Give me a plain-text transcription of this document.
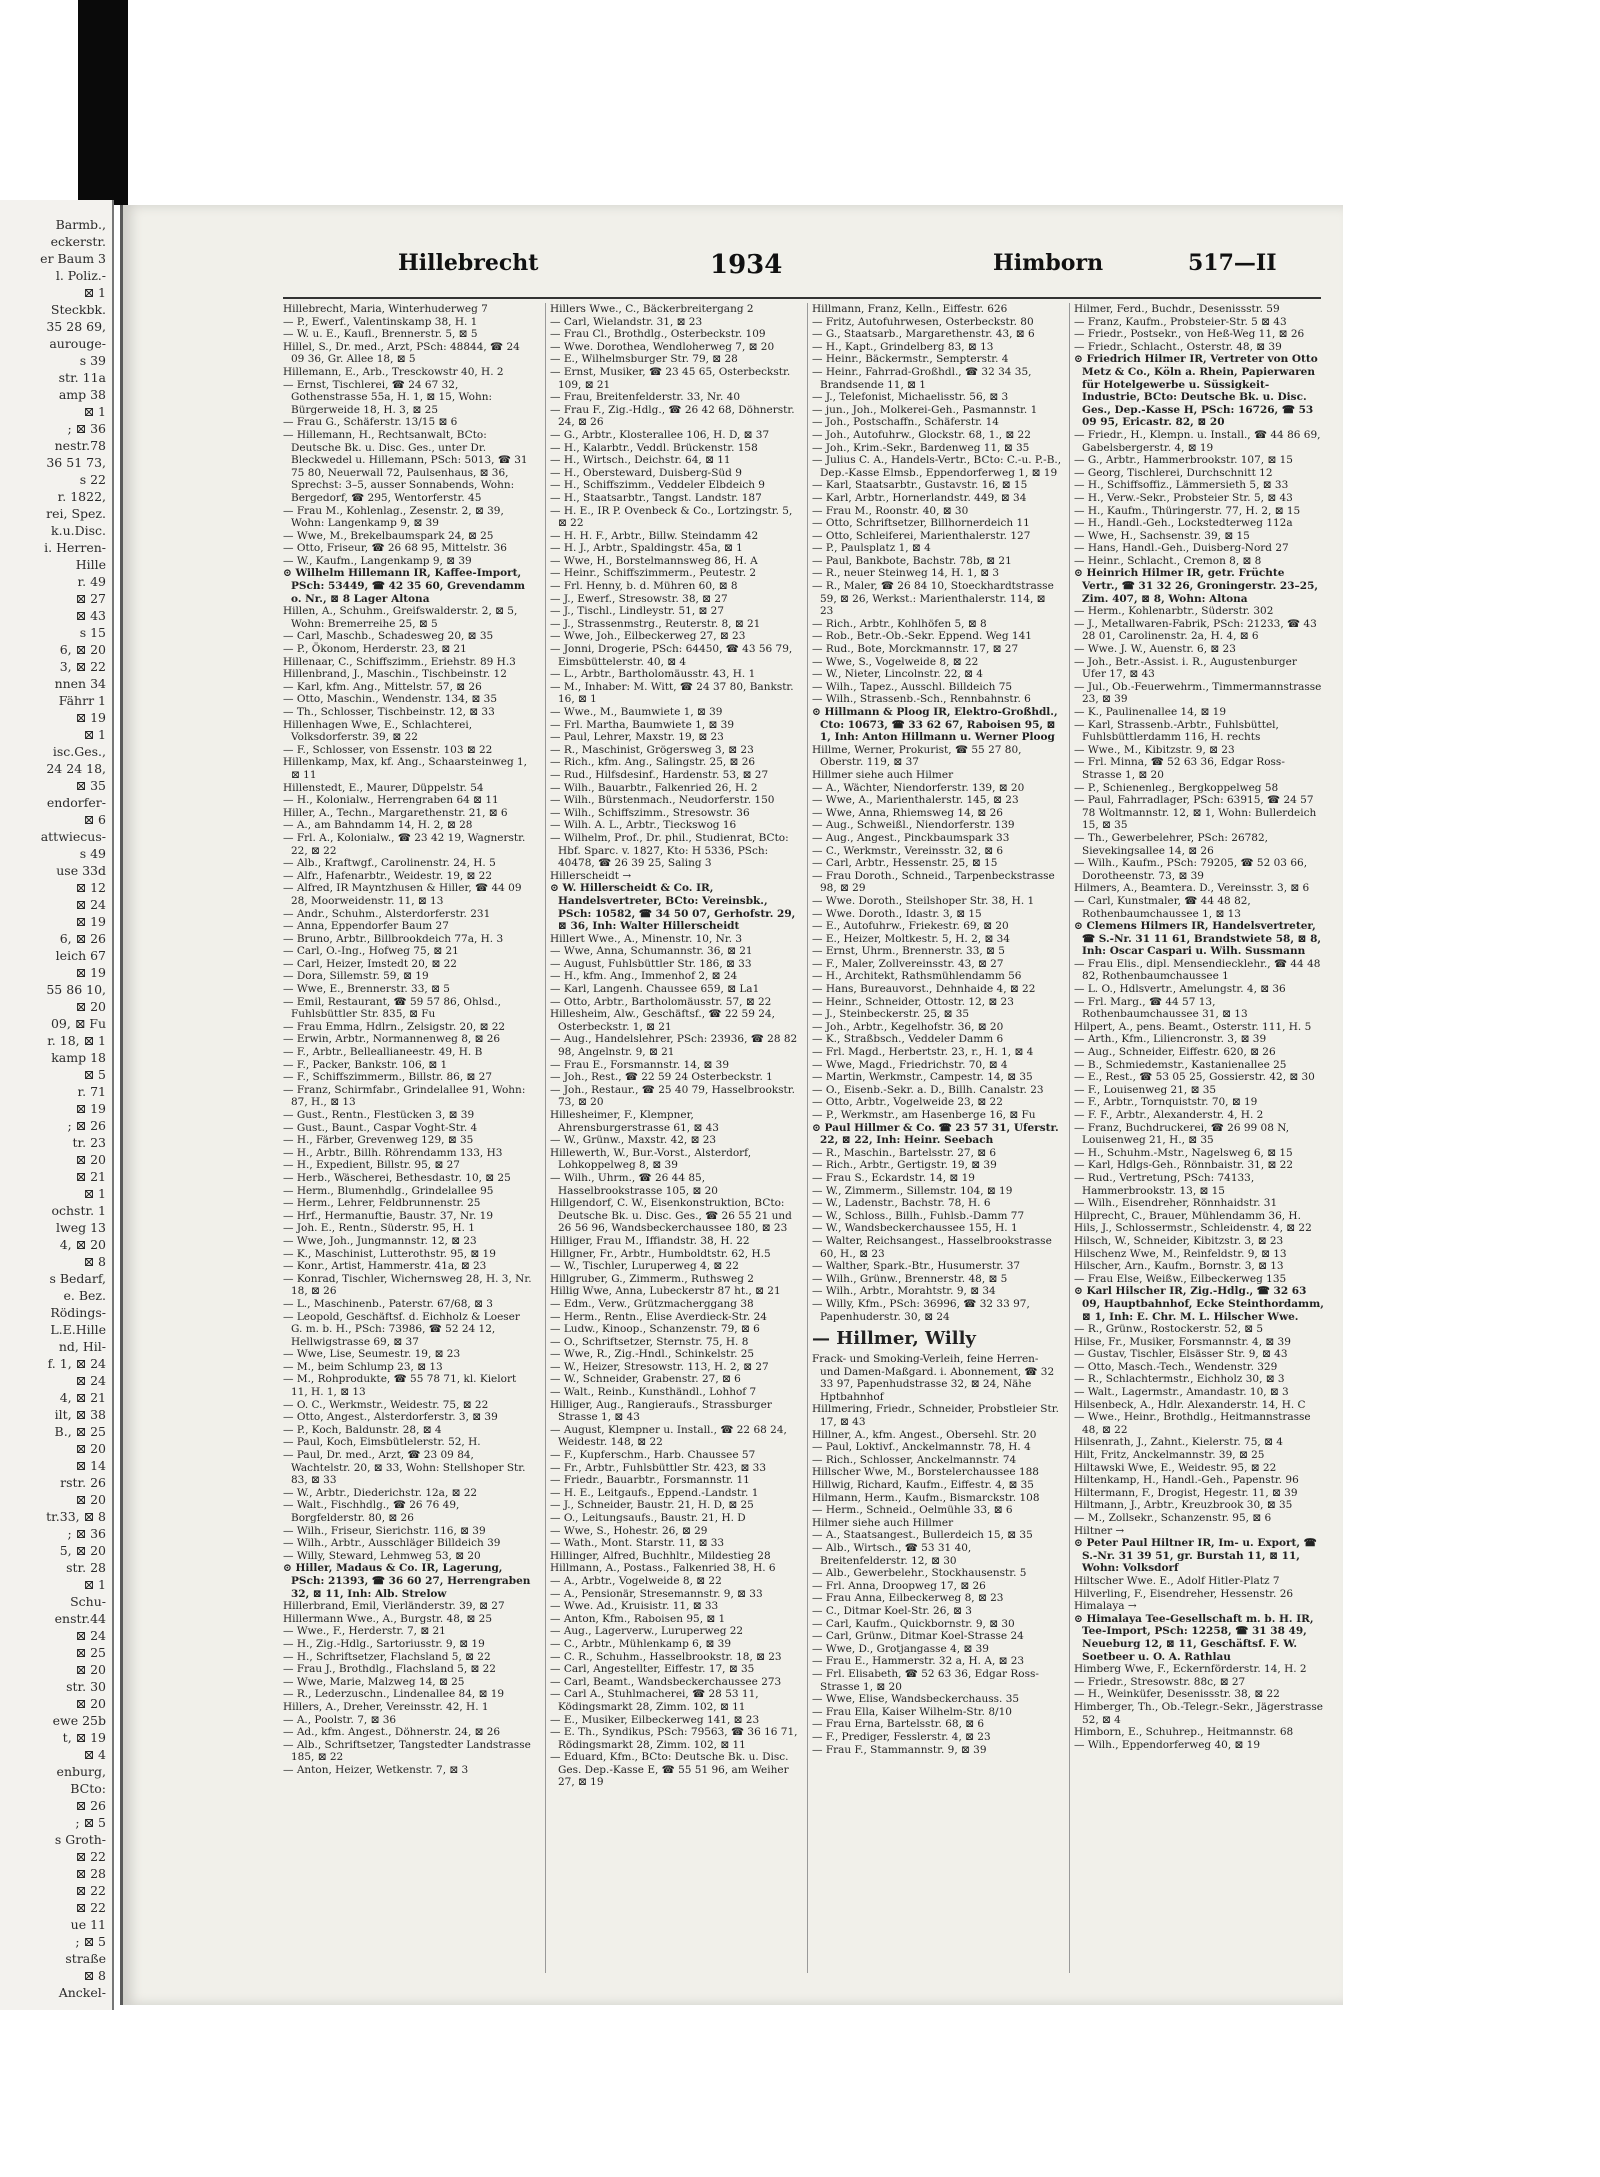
Barmb.,
eckerstr.
er Baum 3
l. Poliz.-
⊠ 1
Steckbk.
35 28 69,
aurouge-
s 39
str. 11a
amp 38
⊠ 1
; ⊠ 36
nestr.78
36 51 73,
s 22
r. 1822,
rei, Spez.
k.u.Disc.
i. Herren-
Hille
r. 49
⊠ 27
⊠ 43
s 15
6, ⊠ 20
3, ⊠ 22
nnen 34
Fährr 1
⊠ 19
⊠ 1
isc.Ges.,
24 24 18,
⊠ 35
endorfer-
⊠ 6
attwiecus-
s 49
use 33d
⊠ 12
⊠ 24
⊠ 19
6, ⊠ 26
leich 67
⊠ 19
55 86 10,
⊠ 20
09, ⊠ Fu
r. 18, ⊠ 1
kamp 18
⊠ 5
r. 71
⊠ 19
; ⊠ 26
tr. 23
⊠ 20
⊠ 21
⊠ 1
ochstr. 1
lweg 13
4, ⊠ 20
⊠ 8
s Bedarf,
e. Bez.
Rödings-
L.E.Hille
nd, Hil-
f. 1, ⊠ 24
⊠ 24
4, ⊠ 21
ilt, ⊠ 38
B., ⊠ 25
⊠ 20
⊠ 14
rstr. 26
⊠ 20
tr.33, ⊠ 8
; ⊠ 36
5, ⊠ 20
str. 28
⊠ 1
Schu-
enstr.44
⊠ 24
⊠ 25
⊠ 20
str. 30
⊠ 20
ewe 25b
t, ⊠ 19
⊠ 4
enburg,
BCto:
⊠ 26
; ⊠ 5
s Groth-
⊠ 22
⊠ 28
⊠ 22
⊠ 22
ue 11
; ⊠ 5
straße
⊠ 8
Anckel-
Hillebrecht	1934	Himborn	517—II

Hillebrecht, Maria, Winterhuderweg 7

— P., Ewerf., Valentinskamp 38, H. 1

— W. u. E., Kaufl., Brennerstr. 5, ⊠ 5

Hillel, S., Dr. med., Arzt, PSch: 48844, ☎ 24 09 36, Gr. Allee 18, ⊠ 5

Hillemann, E., Arb., Tresckowstr 40, H. 2

— Ernst, Tischlerei, ☎ 24 67 32, Gothenstrasse 55a, H. 1, ⊠ 15, Wohn: Bürgerweide 18, H. 3, ⊠ 25

— Frau G., Schäferstr. 13/15 ⊠ 6

— Hillemann, H., Rechtsanwalt, BCto: Deutsche Bk. u. Disc. Ges., unter Dr. Bleckwedel u. Hillemann, PSch: 5013, ☎ 31 75 80, Neuerwall 72, Paulsenhaus, ⊠ 36, Sprechst: 3–5, ausser Sonnabends, Wohn: Bergedorf, ☎ 295, Wentorferstr. 45

— Frau M., Kohlenlag., Zesenstr. 2, ⊠ 39, Wohn: Langenkamp 9, ⊠ 39

— Wwe, M., Brekelbaumspark 24, ⊠ 25

— Otto, Friseur, ☎ 26 68 95, Mittelstr. 36

— W., Kaufm., Langenkamp 9, ⊠ 39

⊙ Wilhelm Hillemann IR, Kaffee-Import, PSch: 53449, ☎ 42 35 60, Grevendamm o. Nr., ⊠ 8 Lager Altona

Hillen, A., Schuhm., Greifswalderstr. 2, ⊠ 5, Wohn: Bremerreihe 25, ⊠ 5

— Carl, Maschb., Schadesweg 20, ⊠ 35

— P., Ökonom, Herderstr. 23, ⊠ 21

Hillenaar, C., Schiffszimm., Eriehstr. 89 H.3

Hillenbrand, J., Maschin., Tischbeinstr. 12

— Karl, kfm. Ang., Mittelstr. 57, ⊠ 26

— Otto, Maschin., Wendenstr. 134, ⊠ 35

— Th., Schlosser, Tischbeinstr. 12, ⊠ 33

Hillenhagen Wwe, E., Schlachterei, Volksdorferstr. 39, ⊠ 22

— F., Schlosser, von Essenstr. 103 ⊠ 22

Hillenkamp, Max, kf. Ang., Schaarsteinweg 1, ⊠ 11

Hillenstedt, E., Maurer, Düppelstr. 54

— H., Kolonialw., Herrengraben 64 ⊠ 11

Hiller, A., Techn., Margarethenstr. 21, ⊠ 6

— A., am Bahndamm 14, H. 2, ⊠ 28

— Frl. A., Kolonialw., ☎ 23 42 19, Wagnerstr. 22, ⊠ 22

— Alb., Kraftwgf., Carolinenstr. 24, H. 5

— Alfr., Hafenarbtr., Weidestr. 19, ⊠ 22

— Alfred, IR Mayntzhusen & Hiller, ☎ 44 09 28, Moorweidenstr. 11, ⊠ 13

— Andr., Schuhm., Alsterdorferstr. 231

— Anna, Eppendorfer Baum 27

— Bruno, Arbtr., Billbrookdeich 77a, H. 3

— Carl, O.-Ing., Hofweg 75, ⊠ 21

— Carl, Heizer, Imstedt 20, ⊠ 22

— Dora, Sillemstr. 59, ⊠ 19

— Wwe, E., Brennerstr. 33, ⊠ 5

— Emil, Restaurant, ☎ 59 57 86, Ohlsd., Fuhlsbüttler Str. 835, ⊠ Fu

— Frau Emma, Hdlrn., Zelsigstr. 20, ⊠ 22

— Erwin, Arbtr., Normannenweg 8, ⊠ 26

— F., Arbtr., Belleallianeestr. 49, H. B

— F., Packer, Bankstr. 106, ⊠ 1

— F., Schiffszimmerm., Billstr. 86, ⊠ 27

— Franz, Schirmfabr., Grindelallee 91, Wohn: 87, H., ⊠ 13

— Gust., Rentn., Flestücken 3, ⊠ 39

— Gust., Baunt., Caspar Voght-Str. 4

— H., Färber, Grevenweg 129, ⊠ 35

— H., Arbtr., Billh. Röhrendamm 133, H3

— H., Expedient, Billstr. 95, ⊠ 27

— Herb., Wäscherei, Bethesdastr. 10, ⊠ 25

— Herm., Blumenhdlg., Grindelallee 95

— Herm., Lehrer, Feldbrunnenstr. 25

— Hrf., Hermanuftie, Baustr. 37, Nr. 19

— Joh. E., Rentn., Süderstr. 95, H. 1

— Wwe, Joh., Jungmannstr. 12, ⊠ 23

— K., Maschinist, Lutterothstr. 95, ⊠ 19

— Konr., Artist, Hammerstr. 41a, ⊠ 23

— Konrad, Tischler, Wichernsweg 28, H. 3, Nr. 18, ⊠ 26

— L., Maschinenb., Paterstr. 67/68, ⊠ 3

— Leopold, Geschäftsf. d. Eichholz & Loeser G. m. b. H., PSch: 73986, ☎ 52 24 12, Hellwigstrasse 69, ⊠ 37

— Wwe, Lise, Seumestr. 19, ⊠ 23

— M., beim Schlump 23, ⊠ 13

— M., Rohprodukte, ☎ 55 78 71, kl. Kielort 11, H. 1, ⊠ 13

— O. C., Werkmstr., Weidestr. 75, ⊠ 22

— Otto, Angest., Alsterdorferstr. 3, ⊠ 39

— P., Koch, Baldunstr. 28, ⊠ 4

— Paul, Koch, Eimsbütlelerstr. 52, H.

— Paul, Dr. med., Arzt, ☎ 23 09 84, Wachtelstr. 20, ⊠ 33, Wohn: Stellshoper Str. 83, ⊠ 33

— W., Arbtr., Diederichstr. 12a, ⊠ 22

— Walt., Fischhdlg., ☎ 26 76 49, Borgfelderstr. 80, ⊠ 26

— Wilh., Friseur, Sierichstr. 116, ⊠ 39

— Wilh., Arbtr., Ausschläger Billdeich 39

— Willy, Steward, Lehmweg 53, ⊠ 20

⊙ Hiller, Madaus & Co. IR, Lagerung, PSch: 21393, ☎ 36 60 27, Herrengraben 32, ⊠ 11, Inh: Alb. Strelow

Hillerbrand, Emil, Vierländerstr. 39, ⊠ 27

Hillermann Wwe., A., Burgstr. 48, ⊠ 25

— Wwe., F., Herderstr. 7, ⊠ 21

— H., Zig.-Hdlg., Sartoriusstr. 9, ⊠ 19

— H., Schriftsetzer, Flachsland 5, ⊠ 22

— Frau J., Brothdlg., Flachsland 5, ⊠ 22

— Wwe, Marie, Malzweg 14, ⊠ 25

— R., Lederzuschn., Lindenallee 84, ⊠ 19

Hillers, A., Dreher, Vereinsstr. 42, H. 1

— A., Poolstr. 7, ⊠ 36

— Ad., kfm. Angest., Döhnerstr. 24, ⊠ 26

— Alb., Schriftsetzer, Tangstedter Landstrasse 185, ⊠ 22

— Anton, Heizer, Wetkenstr. 7, ⊠ 3

Hillers Wwe., C., Bäckerbreitergang 2

— Carl, Wielandstr. 31, ⊠ 23

— Frau Cl., Brothdlg., Osterbeckstr. 109

— Wwe. Dorothea, Wendloherweg 7, ⊠ 20

— E., Wilhelmsburger Str. 79, ⊠ 28

— Ernst, Musiker, ☎ 23 45 65, Osterbeckstr. 109, ⊠ 21

— Frau, Breitenfelderstr. 33, Nr. 40

— Frau F., Zig.-Hdlg., ☎ 26 42 68, Döhnerstr. 24, ⊠ 26

— G., Arbtr., Klosterallee 106, H. D, ⊠ 37

— H., Kalarbtr., Veddl. Brückenstr. 158

— H., Wirtsch., Deichstr. 64, ⊠ 11

— H., Obersteward, Duisberg-Süd 9

— H., Schiffszimm., Veddeler Elbdeich 9

— H., Staatsarbtr., Tangst. Landstr. 187

— H. E., IR P. Ovenbeck & Co., Lortzingstr. 5, ⊠ 22

— H. H. F., Arbtr., Billw. Steindamm 42

— H. J., Arbtr., Spaldingstr. 45a, ⊠ 1

— Wwe, H., Borstelmannsweg 86, H. A

— Heinr., Schiffszimmerm., Peutestr. 2

— Frl. Henny, b. d. Mühren 60, ⊠ 8

— J., Ewerf., Stresowstr. 38, ⊠ 27

— J., Tischl., Lindleystr. 51, ⊠ 27

— J., Strassenmstrg., Reuterstr. 8, ⊠ 21

— Wwe, Joh., Eilbeckerweg 27, ⊠ 23

— Jonni, Drogerie, PSch: 64450, ☎ 43 56 79, Eimsbüttelerstr. 40, ⊠ 4

— L., Arbtr., Bartholomäusstr. 43, H. 1

— M., Inhaber: M. Witt, ☎ 24 37 80, Bankstr. 16, ⊠ 1

— Wwe., M., Baumwiete 1, ⊠ 39

— Frl. Martha, Baumwiete 1, ⊠ 39

— Paul, Lehrer, Maxstr. 19, ⊠ 23

— R., Maschinist, Grögersweg 3, ⊠ 23

— Rich., kfm. Ang., Salingstr. 25, ⊠ 26

— Rud., Hilfsdesinf., Hardenstr. 53, ⊠ 27

— Wilh., Bauarbtr., Falkenried 26, H. 2

— Wilh., Bürstenmach., Neudorferstr. 150

— Wilh., Schiffszimm., Stresowstr. 36

— Wilh. A. L., Arbtr., Tieckswog 16

— Wilhelm, Prof., Dr. phil., Studienrat, BCto: Hbf. Sparc. v. 1827, Kto: H 5336, PSch: 40478, ☎ 26 39 25, Saling 3

Hillerscheidt →

⊙ W. Hillerscheidt & Co. IR, Handelsvertreter, BCto: Vereinsbk., PSch: 10582, ☎ 34 50 07, Gerhofstr. 29, ⊠ 36, Inh: Walter Hillerscheidt

Hillert Wwe., A., Minenstr. 10, Nr. 3

— Wwe, Anna, Schumannstr. 36, ⊠ 21

— August, Fuhlsbüttler Str. 186, ⊠ 33

— H., kfm. Ang., Immenhof 2, ⊠ 24

— Karl, Langenh. Chaussee 659, ⊠ La1

— Otto, Arbtr., Bartholomäusstr. 57, ⊠ 22

Hillesheim, Alw., Geschäftsf., ☎ 22 59 24, Osterbeckstr. 1, ⊠ 21

— Aug., Handelslehrer, PSch: 23936, ☎ 28 82 98, Angelnstr. 9, ⊠ 21

— Frau E., Forsmannstr. 14, ⊠ 39

— Joh., Rest., ☎ 22 59 24 Osterbeckstr. 1

— Joh., Restaur., ☎ 25 40 79, Hasselbrookstr. 73, ⊠ 20

Hillesheimer, F., Klempner, Ahrensburgerstrasse 61, ⊠ 43

— W., Grünw., Maxstr. 42, ⊠ 23

Hillewerth, W., Bur.-Vorst., Alsterdorf, Lohkoppelweg 8, ⊠ 39

— Wilh., Uhrm., ☎ 26 44 85, Hasselbrookstrasse 105, ⊠ 20

Hillgendorf, C. W., Eisenkonstruktion, BCto: Deutsche Bk. u. Disc. Ges., ☎ 26 55 21 und 26 56 96, Wandsbeckerchaussee 180, ⊠ 23

Hilliger, Frau M., Iffiandstr. 38, H. 22

Hillgner, Fr., Arbtr., Humboldtstr. 62, H.5

— W., Tischler, Luruperweg 4, ⊠ 22

Hillgruber, G., Zimmerm., Ruthsweg 2

Hillig Wwe, Anna, Lubeckerstr 87 ht., ⊠ 21

— Edm., Verw., Grützmacherggang 38

— Herm., Rentn., Elise Averdieck-Str. 24

— Ludw., Kinoop., Schanzenstr. 79, ⊠ 6

— O., Schriftsetzer, Sternstr. 75, H. 8

— Wwe, R., Zig.-Hndl., Schinkelstr. 25

— W., Heizer, Stresowstr. 113, H. 2, ⊠ 27

— W., Schneider, Grabenstr. 27, ⊠ 6

— Walt., Reinb., Kunsthändl., Lohhof 7

Hilliger, Aug., Rangieraufs., Strassburger Strasse 1, ⊠ 43

— August, Klempner u. Install., ☎ 22 68 24, Weidestr. 148, ⊠ 22

— F., Kupferschm., Harb. Chaussee 57

— Fr., Arbtr., Fuhlsbüttler Str. 423, ⊠ 33

— Friedr., Bauarbtr., Forsmannstr. 11

— H. E., Leitgaufs., Eppend.-Landstr. 1

— J., Schneider, Baustr. 21, H. D, ⊠ 25

— O., Leitungsaufs., Baustr. 21, H. D

— Wwe, S., Hohestr. 26, ⊠ 29

— Wath., Mont. Starstr. 11, ⊠ 33

Hillinger, Alfred, Buchhltr., Mildestieg 28

Hillmann, A., Postass., Falkenried 38, H. 6

— A., Arbtr., Vogelweide 8, ⊠ 22

— A., Pensionär, Stresemannstr. 9, ⊠ 33

— Wwe. Ad., Kruisistr. 11, ⊠ 33

— Anton, Kfm., Raboisen 95, ⊠ 1

— Aug., Lagerverw., Luruperweg 22

— C., Arbtr., Mühlenkamp 6, ⊠ 39

— C. R., Schuhm., Hasselbrookstr. 18, ⊠ 23

— Carl, Angestellter, Eiffestr. 17, ⊠ 35

— Carl, Beamt., Wandsbeckerchaussee 273

— Carl A., Stuhlmacherei, ☎ 28 53 11, Ködingsmarkt 28, Zimm. 102, ⊠ 11

— E., Musiker, Eilbeckerweg 141, ⊠ 23

— E. Th., Syndikus, PSch: 79563, ☎ 36 16 71, Rödingsmarkt 28, Zimm. 102, ⊠ 11

— Eduard, Kfm., BCto: Deutsche Bk. u. Disc. Ges. Dep.-Kasse E, ☎ 55 51 96, am Weiher 27, ⊠ 19

Hillmann, Franz, Kelln., Eiffestr. 626

— Fritz, Autofuhrwesen, Osterbeckstr. 80

— G., Staatsarb., Margarethenstr. 43, ⊠ 6

— H., Kapt., Grindelberg 83, ⊠ 13

— Heinr., Bäckermstr., Sempterstr. 4

— Heinr., Fahrrad-Großhdl., ☎ 32 34 35, Brandsende 11, ⊠ 1

— J., Telefonist, Michaelisstr. 56, ⊠ 3

— jun., Joh., Molkerei-Geh., Pasmannstr. 1

— Joh., Postschaffn., Schäferstr. 14

— Joh., Autofuhrw., Glockstr. 68, 1., ⊠ 22

— Joh., Krim.-Sekr., Bardenweg 11, ⊠ 35

— Julius C. A., Handels-Vertr., BCto: C.-u. P.-B., Dep.-Kasse Elmsb., Eppendorferweg 1, ⊠ 19

— Karl, Staatsarbtr., Gustavstr. 16, ⊠ 15

— Karl, Arbtr., Hornerlandstr. 449, ⊠ 34

— Frau M., Roonstr. 40, ⊠ 30

— Otto, Schriftsetzer, Billhornerdeich 11

— Otto, Schleiferei, Marienthalerstr. 127

— P., Paulsplatz 1, ⊠ 4

— Paul, Bankbote, Bachstr. 78b, ⊠ 21

— R., neuer Steinweg 14, H. 1, ⊠ 3

— R., Maler, ☎ 26 84 10, Stoeckhardtstrasse 59, ⊠ 26, Werkst.: Marienthalerstr. 114, ⊠ 23

— Rich., Arbtr., Kohlhöfen 5, ⊠ 8

— Rob., Betr.-Ob.-Sekr. Eppend. Weg 141

— Rud., Bote, Morckmannstr. 17, ⊠ 27

— Wwe, S., Vogelweide 8, ⊠ 22

— W., Nieter, Lincolnstr. 22, ⊠ 4

— Wilh., Tapez., Ausschl. Billdeich 75

— Wilh., Strassenb.-Sch., Rennbahnstr. 6

⊙ Hillmann & Ploog IR, Elektro-Großhdl., Cto: 10673, ☎ 33 62 67, Raboisen 95, ⊠ 1, Inh: Anton Hillmann u. Werner Ploog

Hillme, Werner, Prokurist, ☎ 55 27 80, Oberstr. 119, ⊠ 37

Hillmer siehe auch Hilmer

— A., Wächter, Niendorferstr. 139, ⊠ 20

— Wwe, A., Marienthalerstr. 145, ⊠ 23

— Wwe, Anna, Rhiemsweg 14, ⊠ 26

— Aug., Schweißl., Niendorferstr. 139

— Aug., Angest., Pinckbaumspark 33

— C., Werkmstr., Vereinsstr. 32, ⊠ 6

— Carl, Arbtr., Hessenstr. 25, ⊠ 15

— Frau Doroth., Schneid., Tarpenbeckstrasse 98, ⊠ 29

— Wwe. Doroth., Steilshoper Str. 38, H. 1

— Wwe. Doroth., Idastr. 3, ⊠ 15

— E., Autofuhrw., Friekestr. 69, ⊠ 20

— E., Heizer, Moltkestr. 5, H. 2, ⊠ 34

— Ernst, Uhrm., Brennerstr. 33, ⊠ 5

— F., Maler, Zollvereinsstr. 43, ⊠ 27

— H., Architekt, Rathsmühlendamm 56

— Hans, Bureauvorst., Dehnhaide 4, ⊠ 22

— Heinr., Schneider, Ottostr. 12, ⊠ 23

— J., Steinbeckerstr. 25, ⊠ 35

— Joh., Arbtr., Kegelhofstr. 36, ⊠ 20

— K., Straßbsch., Veddeler Damm 6

— Frl. Magd., Herbertstr. 23, r., H. 1, ⊠ 4

— Wwe, Magd., Friedrichstr. 70, ⊠ 4

— Martin, Werkmstr., Campestr. 14, ⊠ 35

— O., Eisenb.-Sekr. a. D., Billh. Canalstr. 23

— Otto, Arbtr., Vogelweide 23, ⊠ 22

— P., Werkmstr., am Hasenberge 16, ⊠ Fu

⊙ Paul Hillmer & Co. ☎ 23 57 31, Uferstr. 22, ⊠ 22, Inh: Heinr. Seebach

— R., Maschin., Bartelsstr. 27, ⊠ 6

— Rich., Arbtr., Gertigstr. 19, ⊠ 39

— Frau S., Eckardstr. 14, ⊠ 19

— W., Zimmerm., Sillemstr. 104, ⊠ 19

— W., Ladenstr., Bachstr. 78, H. 6

— W., Schloss., Billh., Fuhlsb.-Damm 77

— W., Wandsbeckerchaussee 155, H. 1

— Walter, Reichsangest., Hasselbrookstrasse 60, H., ⊠ 23

— Walther, Spark.-Btr., Husumerstr. 37

— Wilh., Grünw., Brennerstr. 48, ⊠ 5

— Wilh., Arbtr., Morahtstr. 9, ⊠ 34

— Willy, Kfm., PSch: 36996, ☎ 32 33 97, Papenhuderstr. 30, ⊠ 24

— Hillmer, Willy

Frack- und Smoking-Verleih, feine Herren- und Damen-Maßgard. i. Abonnement, ☎ 32 33 97, Papenhudstrasse 32, ⊠ 24, Nähe Hptbahnhof

Hillmering, Friedr., Schneider, Probstleier Str. 17, ⊠ 43

Hillner, A., kfm. Angest., Obersehl. Str. 20

— Paul, Loktivf., Anckelmannstr. 78, H. 4

— Rich., Schlosser, Anckelmannstr. 74

Hillscher Wwe, M., Borstelerchaussee 188

Hillwig, Richard, Kaufm., Eiffestr. 4, ⊠ 35

Hilmann, Herm., Kaufm., Bismarckstr. 108

— Herm., Schneid., Oelmühle 33, ⊠ 6

Hilmer siehe auch Hillmer

— A., Staatsangest., Bullerdeich 15, ⊠ 35

— Alb., Wirtsch., ☎ 53 31 40, Breitenfelderstr. 12, ⊠ 30

— Alb., Gewerbelehr., Stockhausenstr. 5

— Frl. Anna, Droopweg 17, ⊠ 26

— Frau Anna, Eilbeckerweg 8, ⊠ 23

— C., Ditmar Koel-Str. 26, ⊠ 3

— Carl, Kaufm., Quickbornstr. 9, ⊠ 30

— Carl, Grünw., Ditmar Koel-Strasse 24

— Wwe, D., Grotjangasse 4, ⊠ 39

— Frau E., Hammerstr. 32 a, H. A, ⊠ 23

— Frl. Elisabeth, ☎ 52 63 36, Edgar Ross-Strasse 1, ⊠ 20

— Wwe, Elise, Wandsbeckerchauss. 35

— Frau Ella, Kaiser Wilhelm-Str. 8/10

— Frau Erna, Bartelsstr. 68, ⊠ 6

— F., Prediger, Fesslerstr. 4, ⊠ 23

— Frau F., Stammannstr. 9, ⊠ 39

Hilmer, Ferd., Buchdr., Desenissstr. 59

— Franz, Kaufm., Probsteier-Str. 5 ⊠ 43

— Friedr., Postsekr., von Heß-Weg 11, ⊠ 26

— Friedr., Schlacht., Osterstr. 48, ⊠ 39

⊙ Friedrich Hilmer IR, Vertreter von Otto Metz & Co., Köln a. Rhein, Papierwaren für Hotelgewerbe u. Süssigkeit-Industrie, BCto: Deutsche Bk. u. Disc. Ges., Dep.-Kasse H, PSch: 16726, ☎ 53 09 95, Ericastr. 82, ⊠ 20

— Friedr., H., Klempn. u. Install., ☎ 44 86 69, Gabelsbergerstr. 4, ⊠ 19

— G., Arbtr., Hammerbrookstr. 107, ⊠ 15

— Georg, Tischlerei, Durchschnitt 12

— H., Schiffsoffiz., Lämmersieth 5, ⊠ 33

— H., Verw.-Sekr., Probsteier Str. 5, ⊠ 43

— H., Kaufm., Thüringerstr. 77, H. 2, ⊠ 15

— H., Handl.-Geh., Lockstedterweg 112a

— Wwe, H., Sachsenstr. 39, ⊠ 15

— Hans, Handl.-Geh., Duisberg-Nord 27

— Heinr., Schlacht., Cremon 8, ⊠ 8

⊙ Heinrich Hilmer IR, getr. Früchte Vertr., ☎ 31 32 26, Groningerstr. 23–25, Zim. 407, ⊠ 8, Wohn: Altona

— Herm., Kohlenarbtr., Süderstr. 302

— J., Metallwaren-Fabrik, PSch: 21233, ☎ 43 28 01, Carolinenstr. 2a, H. 4, ⊠ 6

— Wwe. J. W., Auenstr. 6, ⊠ 23

— Joh., Betr.-Assist. i. R., Augustenburger Ufer 17, ⊠ 43

— Jul., Ob.-Feuerwehrm., Timmermannstrasse 23, ⊠ 39

— K., Paulinenallee 14, ⊠ 19

— Karl, Strassenb.-Arbtr., Fuhlsbüttel, Fuhlsbüttlerdamm 116, H. rechts

— Wwe., M., Kibitzstr. 9, ⊠ 23

— Frl. Minna, ☎ 52 63 36, Edgar Ross-Strasse 1, ⊠ 20

— P., Schienenleg., Bergkoppelweg 58

— Paul, Fahrradlager, PSch: 63915, ☎ 24 57 78 Woltmannstr. 12, ⊠ 1, Wohn: Bullerdeich 15, ⊠ 35

— Th., Gewerbelehrer, PSch: 26782, Sievekingsallee 14, ⊠ 26

— Wilh., Kaufm., PSch: 79205, ☎ 52 03 66, Dorotheenstr. 73, ⊠ 39

Hilmers, A., Beamtera. D., Vereinsstr. 3, ⊠ 6

— Carl, Kunstmaler, ☎ 44 48 82, Rothenbaumchaussee 1, ⊠ 13

⊙ Clemens Hilmers IR, Handelsvertreter, ☎ S.-Nr. 31 11 61, Brandstwiete 58, ⊠ 8, Inh: Oscar Caspari u. Wilh. Sussmann

— Frau Elis., dipl. Mensendiecklehr., ☎ 44 48 82, Rothenbaumchaussee 1

— L. O., Hdlsvertr., Amelungstr. 4, ⊠ 36

— Frl. Marg., ☎ 44 57 13, Rothenbaumchaussee 31, ⊠ 13

Hilpert, A., pens. Beamt., Osterstr. 111, H. 5

— Arth., Kfm., Liliencronstr. 3, ⊠ 39

— Aug., Schneider, Eiffestr. 620, ⊠ 26

— B., Schmiedemstr., Kastanienallee 25

— E., Rest., ☎ 53 05 25, Gossierstr. 42, ⊠ 30

— F., Louisenweg 21, ⊠ 35

— F., Arbtr., Tornquiststr. 70, ⊠ 19

— F. F., Arbtr., Alexanderstr. 4, H. 2

— Franz, Buchdruckerei, ☎ 26 99 08 N, Louisenweg 21, H., ⊠ 35

— H., Schuhm.-Mstr., Nagelsweg 6, ⊠ 15

— Karl, Hdlgs-Geh., Rönnbaistr. 31, ⊠ 22

— Rud., Vertretung, PSch: 74133, Hammerbrookstr. 13, ⊠ 15

— Wilh., Eisendreher, Rönnhaidstr. 31

Hilprecht, C., Brauer, Mühlendamm 36, H.

Hils, J., Schlossermstr., Schleidenstr. 4, ⊠ 22

Hilsch, W., Schneider, Kibitzstr. 3, ⊠ 23

Hilschenz Wwe, M., Reinfeldstr. 9, ⊠ 13

Hilscher, Arn., Kaufm., Bornstr. 3, ⊠ 13

— Frau Else, Weißw., Eilbeckerweg 135

⊙ Karl Hilscher IR, Zig.-Hdlg., ☎ 32 63 09, Hauptbahnhof, Ecke Steinthordamm, ⊠ 1, Inh: E. Chr. M. L. Hilscher Wwe.

— R., Grünw., Rostockerstr. 52, ⊠ 5

Hilse, Fr., Musiker, Forsmannstr. 4, ⊠ 39

— Gustav, Tischler, Elsässer Str. 9, ⊠ 43

— Otto, Masch.-Tech., Wendenstr. 329

— R., Schlachtermstr., Eichholz 30, ⊠ 3

— Walt., Lagermstr., Amandastr. 10, ⊠ 3

Hilsenbeck, A., Hdlr. Alexanderstr. 14, H. C

— Wwe., Heinr., Brothdlg., Heitmannstrasse 48, ⊠ 22

Hilsenrath, J., Zahnt., Kielerstr. 75, ⊠ 4

Hilt, Fritz, Anckelmannstr. 39, ⊠ 25

Hiltawski Wwe, E., Weidestr. 95, ⊠ 22

Hiltenkamp, H., Handl.-Geh., Papenstr. 96

Hiltermann, F., Drogist, Hegestr. 11, ⊠ 39

Hiltmann, J., Arbtr., Kreuzbrook 30, ⊠ 35

— M., Zollsekr., Schanzenstr. 95, ⊠ 6

Hiltner →

⊙ Peter Paul Hiltner IR, Im- u. Export, ☎ S.-Nr. 31 39 51, gr. Burstah 11, ⊠ 11, Wohn: Volksdorf

Hiltscher Wwe. E., Adolf Hitler-Platz 7

Hilverling, F., Eisendreher, Hessenstr. 26

Himalaya →

⊙ Himalaya Tee-Gesellschaft m. b. H. IR, Tee-Import, PSch: 12258, ☎ 31 38 49, Neueburg 12, ⊠ 11, Geschäftsf. F. W. Soetbeer u. O. A. Rathlau

Himberg Wwe, F., Eckernförderstr. 14, H. 2

— Friedr., Stresowstr. 88c, ⊠ 27

— H., Weinküfer, Desenissstr. 38, ⊠ 22

Himberger, Th., Ob.-Telegr.-Sekr., Jägerstrasse 52, ⊠ 4

Himborn, E., Schuhrep., Heitmannstr. 68

— Wilh., Eppendorferweg 40, ⊠ 19
